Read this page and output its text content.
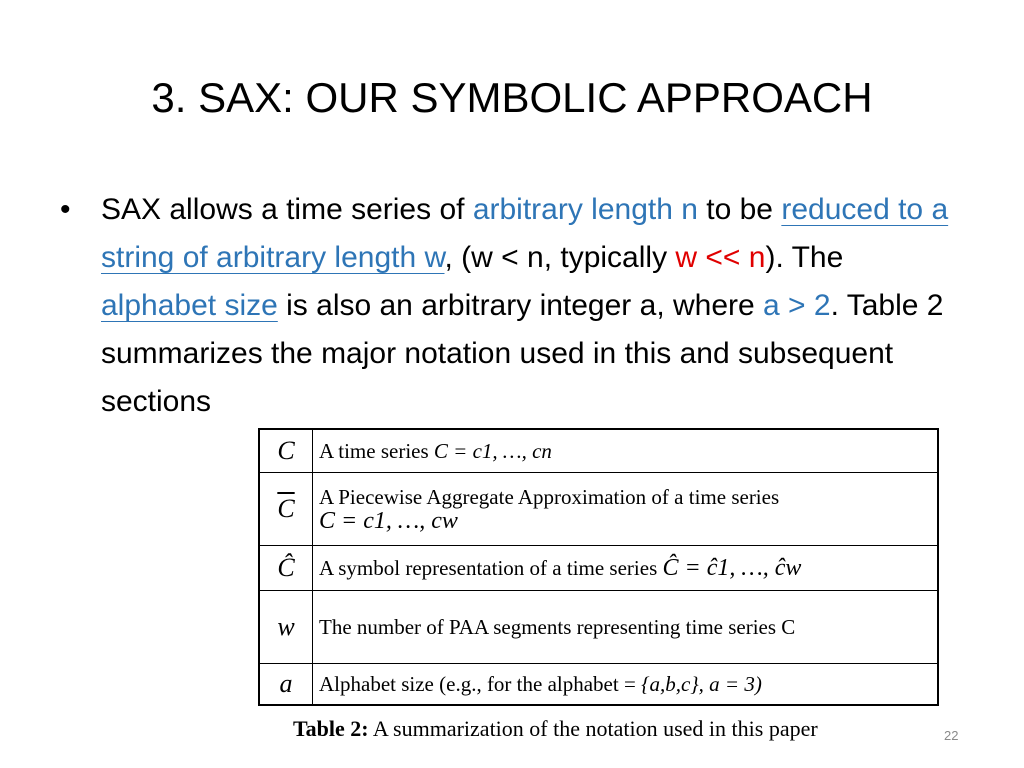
3. SAX: OUR SYMBOLIC APPROACH
• SAX allows a time series of arbitrary length n to be reduced to a string of arbitrary length w, (w < n, typically w << n). The alphabet size is also an arbitrary integer a, where a > 2. Table 2 summarizes the major notation used in this and subsequent sections
C	A time series C = c1, …, cn
$\overline{C}$	A Piecewise Aggregate Approximation of a time series
C = c1, …, cw

Ĉ	A symbol representation of a time series Ĉ = ĉ1, …, ĉw
w	The number of PAA segments representing time series C

a	Alphabet size (e.g., for the alphabet = {a,b,c}, a = 3)
Table 2: A summarization of the notation used in this paper	22
